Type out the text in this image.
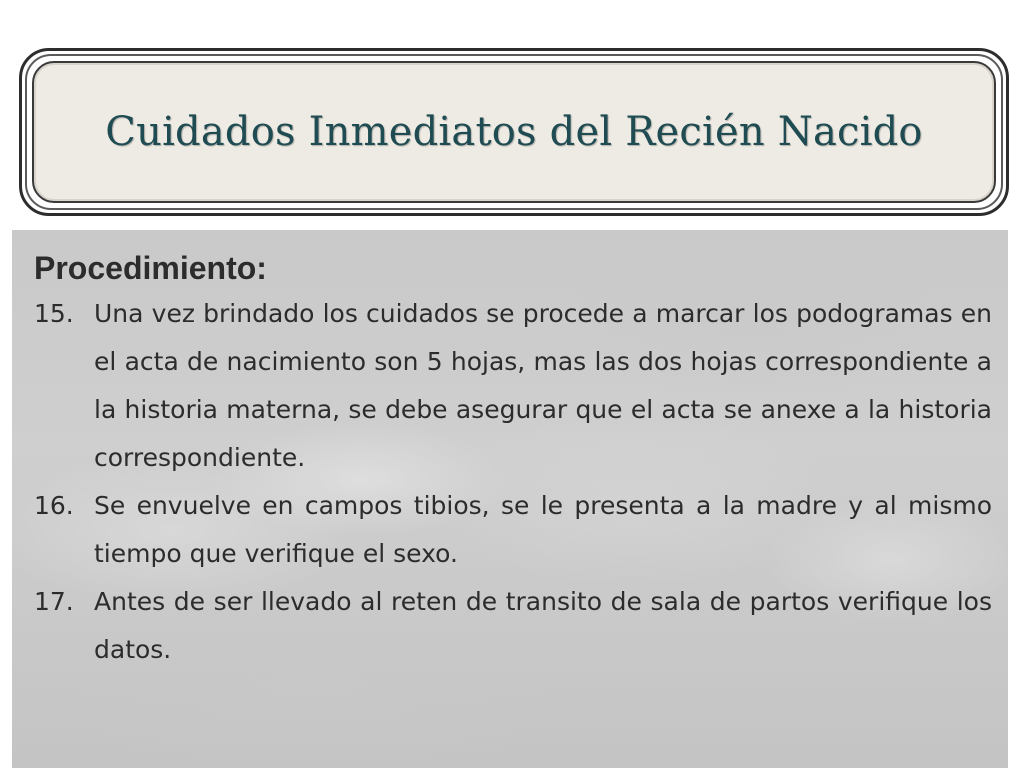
Cuidados Inmediatos del Recién Nacido
Procedimiento:
15. Una vez brindado los cuidados se procede a marcar los podogramas en el acta de nacimiento son 5 hojas, mas las dos hojas correspondiente a la historia materna, se debe asegurar que el acta se anexe a la historia correspondiente.
16. Se envuelve en campos tibios, se le presenta a la madre y al mismo tiempo que verifique el sexo.
17. Antes de ser llevado al reten de transito de sala de partos verifique los datos.
